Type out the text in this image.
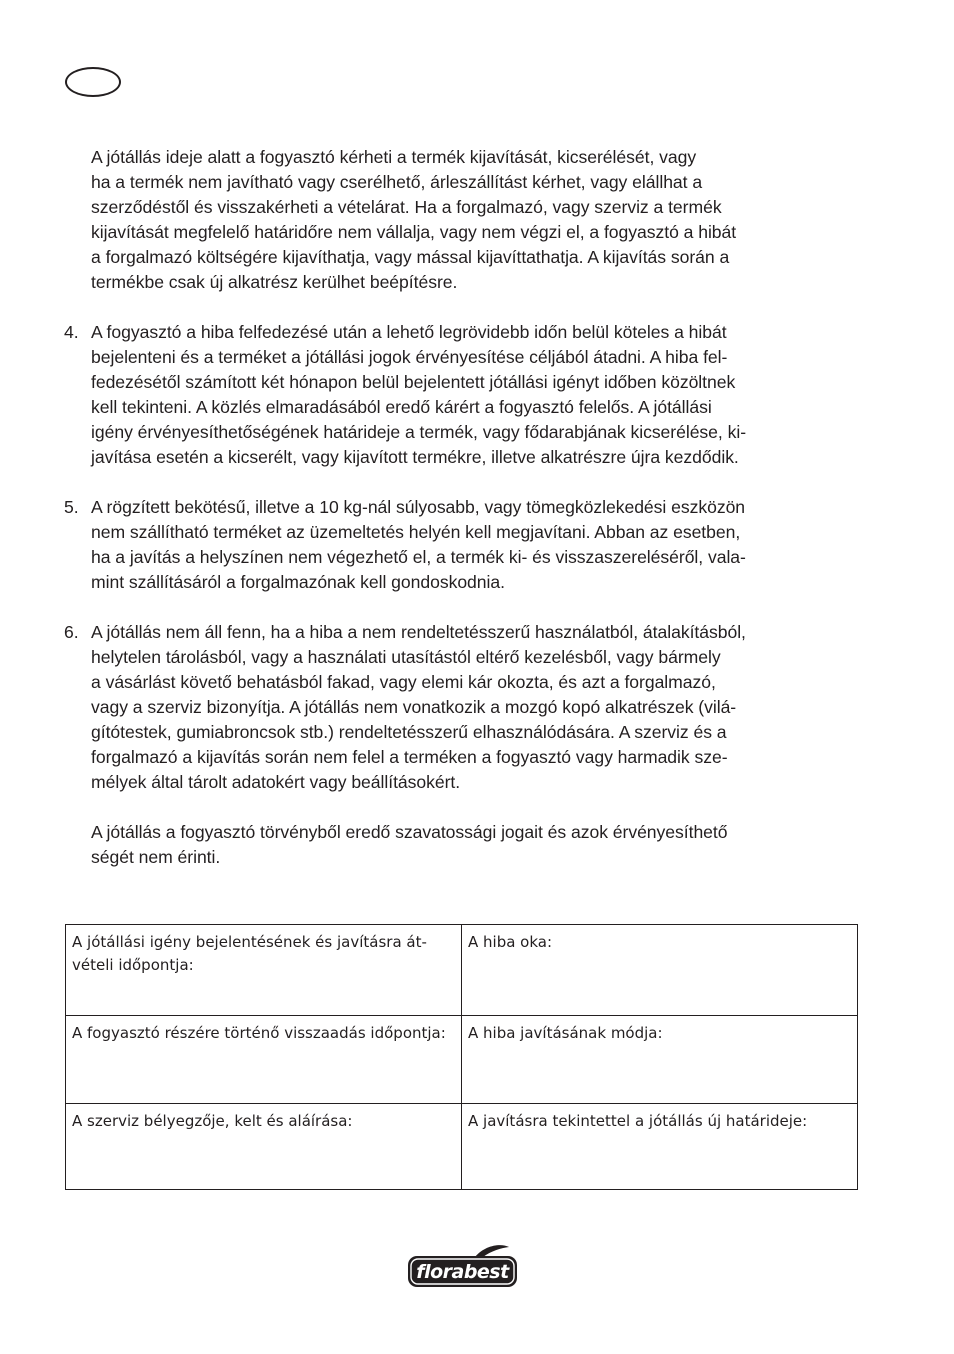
A jótállás ideje alatt a fogyasztó kérheti a termék kijavítását, kicserélését, vagy
ha a termék nem javítható vagy cserélhető, árleszállítást kérhet, vagy elállhat a
szerződéstől és visszakérheti a vételárat. Ha a forgalmazó, vagy szerviz a termék
kijavítását megfelelő határidőre nem vállalja, vagy nem végzi el, a fogyasztó a hibát
a forgalmazó költségére kijavíthatja, vagy mással kijavíttathatja. A kijavítás során a
termékbe csak új alkatrész kerülhet beépítésre.
4. A fogyasztó a hiba felfedezésé után a lehető legrövidebb időn belül köteles a hibát
bejelenteni és a terméket a jótállási jogok érvényesítése céljából átadni. A hiba fel-
fedezésétől számított két hónapon belül bejelentett jótállási igényt időben közöltnek
kell tekinteni. A közlés elmaradásából eredő kárért a fogyasztó felelős. A jótállási
igény érvényesíthetőségének határideje a termék, vagy fődarabjának kicserélése, ki-
javítása esetén a kicserélt, vagy kijavított termékre, illetve alkatrészre újra kezdődik.
5. A rögzített bekötésű, illetve a 10 kg-nál súlyosabb, vagy tömegközlekedési eszközön
nem szállítható terméket az üzemeltetés helyén kell megjavítani. Abban az esetben,
ha a javítás a helyszínen nem végezhető el, a termék ki- és visszaszereléséről, vala-
mint szállításáról a forgalmazónak kell gondoskodnia.
6. A jótállás nem áll fenn, ha a hiba a nem rendeltetésszerű használatból, átalakításból,
helytelen tárolásból, vagy a használati utasítástól eltérő kezelésből, vagy bármely
a vásárlást követő behatásból fakad, vagy elemi kár okozta, és azt a forgalmazó,
vagy a szerviz bizonyítja. A jótállás nem vonatkozik a mozgó kopó alkatrészek (vilá-
gítótestek, gumiabroncsok stb.) rendeltetésszerű elhasználódására. A szerviz és a
forgalmazó a kijavítás során nem felel a terméken a fogyasztó vagy harmadik sze-
mélyek által tárolt adatokért vagy beállításokért.
A jótállás a fogyasztó törvényből eredő szavatossági jogait és azok érvényesíthető
ségét nem érinti.
A jótállási igény bejelentésének és javításra át-
vételi időpontja:	A hiba oka:
A fogyasztó részére történő visszaadás időpontja:	A hiba javításának módja:
A szerviz bélyegzője, kelt és aláírása:	A javításra tekintettel a jótállás új határideje:
florabest
